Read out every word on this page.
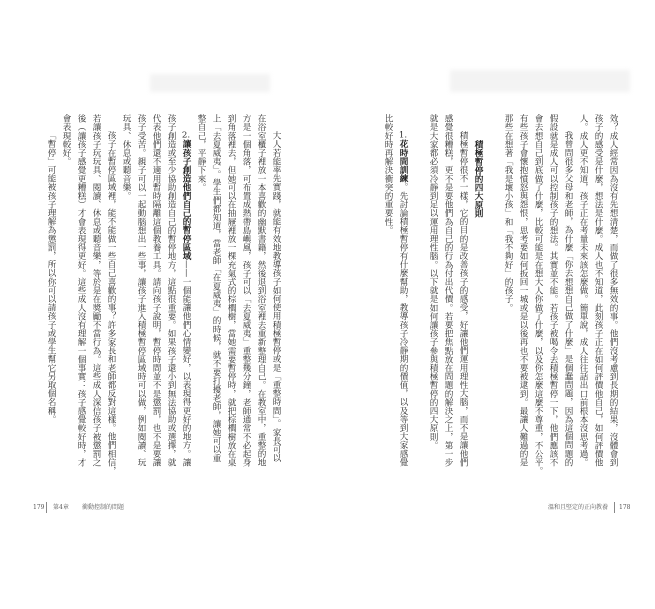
效？成人經常因為沒有先想清楚，而做了很多無效的事。他們沒考慮到長期的結果，沒體會到
孩子的感受是什麼，想法是什麼。成人也不知道，此刻孩子正在如何評價他自己，如何評價他
人。成人更不知道，孩子正在考量未來該怎麼做。簡單說，成人往往話出口前根本沒思考過。
我曾問很多父母和老師，為什麼「你去想想自己做了什麼」是個蠢問題，因為這個問題的
假設就是成人可以控制孩子的想法。其實並不能。若孩子被喝令去積極暫停一下，他們應該不
會去想自己到底做了什麼，比較可能是在想大人你做了什麼，以及你怎麼這麼不尊重，不公平。
有些孩子會懷抱憤怒與怨恨，思考要如何扳回一城或是以後再也不要被逮到。最讓人難過的是
那些在想著「我是壞小孩」和「我不夠好」的孩子。
積極暫停的四大原則
積極暫停很不一樣，它的目的是改善孩子的感受，好讓他們運用理性大腦，而不是讓他們
感覺很糟糕，更不是要他們為自己的行為付出代價。若要把焦點放在問題的解決之上，第一步
就是大家都必須冷靜到足以運用理性腦。以下就是如何讓孩子參與積極暫停的四大原則。
1.花時間訓練。先討論積極暫停有什麼幫助，教導孩子冷靜期的價值，以及等到大家感覺
比較好時再解決衝突的重要性。
大人若能率先實踐，就能有效地教導孩子如何使用積極暫停或是「重整時間」。家長可以
在浴室櫃子裡放一本喜歡的幽默書籍，然後退到浴室裡去重新整理自己。在教室中，重整的地
方是一個角落，可布置成熱帶島嶼風，孩子可以「去夏威夷」重整幾分鐘，老師通常不必起身
到角落裡去，但她可以在抽屜裡放一棵充氣式的棕櫚樹，當她需要暫停時，就把棕櫚樹放在桌
上「去夏威夷」。學生們都知道，當老師「在夏威夷」的時候，就不要打擾老師，讓她可以重
整自己，平靜下來。
2.讓孩子創造他們自己的暫停區域——一個能讓他們心情變好，以表現得更好的地方。讓
孩子創造或至少協助創造自己的暫停地方，這點很重要。如果孩子還小到無法協助或選擇，就
代表他們還不適用暫時隔離這個教養工具。請向孩子說明，暫停時間並不是懲罰，也不是要讓
孩子受苦。親子可以一起動腦想出一些事，讓孩子進入積極暫停區域時可以做，例如閱讀、玩
玩具、休息或聽音樂。
孩子在暫停區域裡，能不能做一些自己喜歡的事？許多家長和老師都反對這樣。他們相信，
若讓孩子玩玩具、閱讀、休息或聽音樂，等於是在獎勵不當行為。這些成人深信孩子被懲罰之
後（讓孩子感覺更糟糕）才會表現得更好。這些成人沒有理解一個事實：孩子感覺較好時，才
會表現較好。
「暫停」可能被孩子理解為懲罰，所以你可以請孩子或學生幫它另取個名稱。
179 第4章 衝動控制的問題	溫和且堅定的正向教養 178
